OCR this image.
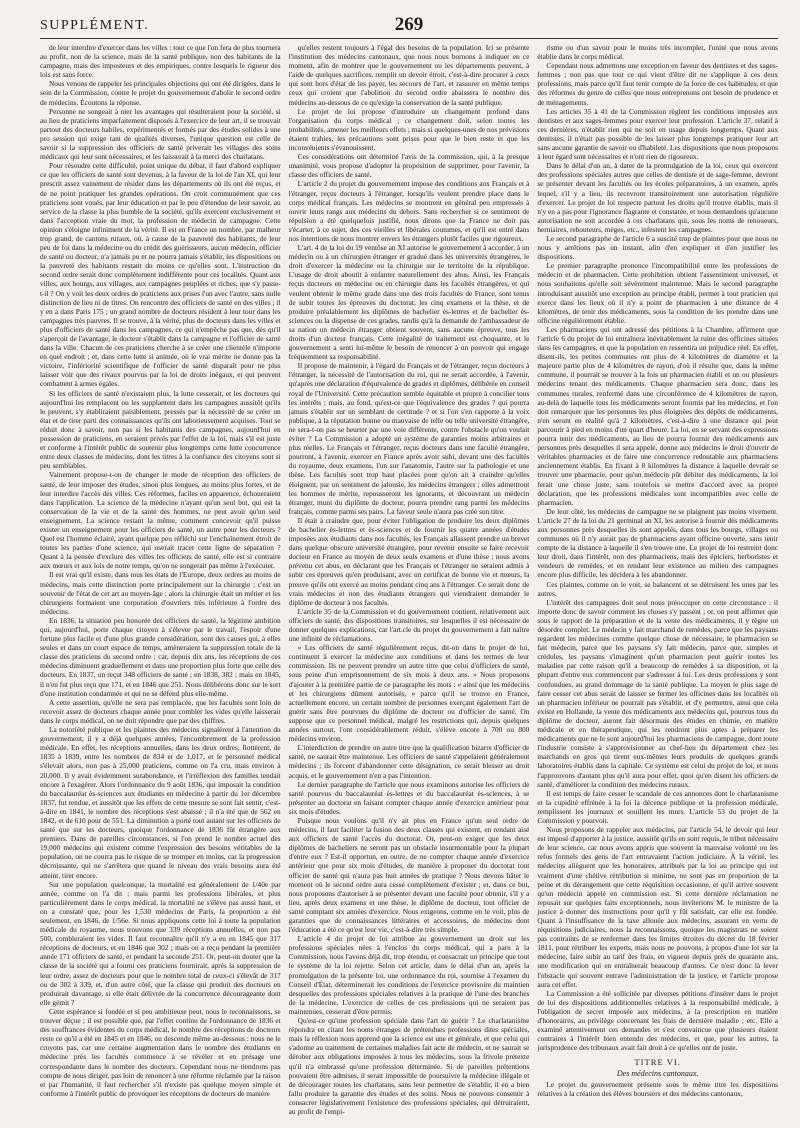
SUPPLÉMENT.	269

de leur interdire d'exercer dans les villes : tout ce que l'on fera de plus tournera au profit, non de la science, mais de la santé publique, non des habitants de la campagne, mais des imposteurs et des empiriques, contre lesquels le rigueur des lois est sans force.

Nous venons de rappeler les principales objections qui ont été dirigées, dans le sein de la Commission, contre le projet du gouvernement d'abolir le second ordre de médecins. Écoutons la réponse.

Personne ne songeait à nier les avantages qui résulteraient pour la société, si au lieu de praticiens imparfaitement disposés à l'exercice de leur art, il se trouvait partout des docteurs habiles, expérimentés et formés par des études solides à une pro session qui exige tant de qualités diverses, l'unique question est celle de savoir si la suppression des officiers de santé priverait les villages des soins médicaux qui leur sont nécessaires, et les laisserait à la merci des charlatans.

Pour résoudre cette difficulté, point unique du débat, il faut d'abord expliquer ce que les officiers de santé sont devenus, à la faveur de la loi de l'an XI, qui leur prescrit assez vainement de résider dans les départements où ils ont été reçus, et de ne point pratiquer les grandes opérations. On croit communément que ces praticiens sont voués, par leur éducation et par le peu d'étendue de leur savoir, au service de la classe la plus humble de la société, qu'ils exercent exclusivement et dans l'acception vraie du mot, la profession de médecin de campagne. Cette opinion s'éloigne infiniment de la vérité. Il est en France un nombre, par malheur trop grand, de cantons ruraux, où, à cause de la pauvreté des habitants, de leur peu de foi dans la médecine ou du crédit des guérisseurs, aucun médecin, officier de santé ou docteur, n'a jamais pu et ne pourra jamais s'établir, les dispositions ou la pauvreté des habitants restant du moins ce qu'elles sont. L'instruction du second ordre serait donc complètement indifférente pour ces localités. Quant aux villes, aux bourgs, aux villages, aux campagnes peuplées et riches, que s'y passe-t-il ? On y voit les deux ordres de praticiens aux prises l'un avec l'autre, sans nulle distinction de lieu ni de titres. On rencontre des officiers de santé en des villes ; il y en a dans Paris 175 ; un grand nombre de docteurs résident à leur tour dans les campagnes très pauvres. Il se trouve, à la vérité, plus de docteurs dans les villes et plus d'officiers de santé dans les campagnes, ce qui n'empêche pas que, dès qu'il s'aperçoit de l'avantage, le docteur s'établit dans la campagne et l'officier de santé dans la ville. Chacun de ces praticiens cherche à se créer une clientèle n'importe en quel endroit ; et, dans cette lutte si animée, où le vrai mérite ne donne pas la victoire, l'infériorité scientifique de l'officier de santé disparaît pour ne plus laisser voir que des rivaux pourvus par la loi de droits inégaux, et qui peuvent combattent à armes égales.

Si les officiers de santé n'existaient plus, la lutte cesserait, et les docteurs qui aujourd'hui les remplacent ou les supplantent dans les campagnes aussitôt qu'ils le peuvent, s'y établiraient paisiblement, pressés par la nécessité de se créer un état et de tirer parti des connaissances qu'ils ont laborieusement acquises. Tout se réduit donc à savoir, non pas si les habitants des campagnes, aujourd'hui en possession de praticiens, en seraient privés par l'effet de la loi, mais s'il est juste et conforme à l'intérêt public de soutenir plus longtemps cette lutte concurrence entre deux classes de médecins, dont les titres à la confiance des citoyens sont si peu semblables.

Vainement propose-t-on de changer le mode de réception des officiers de santé, de leur imposer des études, sinon plus longues, au moins plus fortes, et de leur interdire l'accès des villes. Ces réformes, faciles en apparence, échoueraient dans l'application. La science de la médecine n'ayant qu'un seul but, qui est la conservation de la vie et de la santé des hommes, ne peut avoir qu'un seul enseignement. La science restant la même, comment concevoir qu'il puisse exister un enseignement pour les officiers de santé, un autre pour les docteurs ? Quel est l'homme éclairé, ayant quelque peu réfléchi sur l'enchaînement étroit de toutes les parties d'une science, qui oserait tracer cette ligne de séparation ? Quant à la pensée d'exclure des villes les officiers de santé, elle est si contraire aux mœurs et aux lois de notre temps, qu'on ne songerait pas même à l'exécuter.

Il est vrai qu'il existe, dans tous les états de l'Europe, deux ordres au moins de médecins, mais cette distinction porte principalement sur la chirurgie ; c'est un souvenir de l'état de cet art au moyen-âge ; alors la chirurgie était un métier et les chirurgiens formaient une corporation d'ouvriers très inférieure à l'ordre des médecins.

En 1836, la situation peu honorée des officiers de santé, la légitime ambition qui, aujourd'hui, porte chaque citoyen à s'élever par le travail, l'espoir d'une fortune plus facile et d'une plus grande considération, sont des causes qui, à elles seules et dans un court espace de temps, amèneraient la suppression totale de la classe des praticiens du second ordre ; car, depuis dix ans, les réceptions de ces médecins diminuent graduellement et dans une proportion plus forte que celle des docteurs. En 1837, on reçut 348 officiers de santé ; en 1838, 382 ; mais en 1845, il n'en fut plus reçu que 171, et en 1846 que 251. Nous délibérons donc sur le sort d'une institution condamnée et qui ne se défend plus elle-même.

A cette assertion, qu'elle ne sera pas remplacée, que les facultés sont loin de recevoir assez de docteurs chaque année pour combler les vides qu'elle laisserait dans le corps médical, on ne doit répondre que par des chiffres.

La notoriété publique et les plaintes des médecins signalèrent à l'attention du gouvernement, il y a déjà quelques années, l'encombrement de la profession médicale. En effet, les réceptions annuelles, dans les deux ordres, flottèrent, de 1835 à 1839, entre les nombres de 834 et de 1,017, et le personnel médical s'élevait alors, non pas à 25,000 praticiens, comme on l'a cru, mais environ à 20,000. Il y avait évidemment surabondance, et l'irréflexion des familles tendait encore à l'exagérer. Alors l'ordonnance du 9 août 1836, qui imposait la condition du baccalauréat ès-sciences aux étudiants en médecine à partir du 1er décembre 1837, fut rendue, et aussitôt que les effets de cette mesure se sont fait sentir, c'est-à-dire en 1841, le nombre des réceptions s'est abaissé ; il n'a été que de 562 en 1842, et de 610 pour de 551. La diminution a porté tout autant sur les officiers de santé que sur les docteurs, quoique l'ordonnance de 1836 fût étrangère aux premiers. Dans de pareilles circonstances, si l'on prend le nombre actuel des 19,000 médecins qui existent comme l'expression des besoins véritables de la population, on ne courra pas le risque de se tromper en moins, car la progression décroissante, qui ne s'arrêtera que quand le niveau des vrais besoins aura été atteint, tirer encore.

Sur une population quelconque, la mortalité est généralement de 1/40e par année, comme on l'a dit ; mais parmi les professions libérales, et plus particulièrement dans le corps médical, la mortalité ne s'élève pas aussi haut, et on a constaté que, pour les 1,530 médecins de Paris, la proportion a été seulement, en 1846, de 1/56e. Si nous appliquons cette loi à toute la population médicale du royaume, nous trouvons que 339 réceptions annuelles, et non pas 500, combleraient les vides. Il faut reconnaître qu'il n'y a eu en 1845 que 317 réceptions de docteurs, et en 1846 que 302 ; mais on a reçu pendant la première année 171 officiers de santé, et pendant la seconde 251. Or, peut-on douter que la classe de la société qui a fourni ces praticiens fournirait, après la suppression de leur ordre, assez de docteurs pour que le nombre total de ceux-ci s'élevât de 317 ou de 302 à 339, et, d'un autre côté, que la classe qui produit des docteurs en produirait davantage, si elle était délivrée de la concurrence décourageante dont elle gémit ?

Cette espérance si fondée et si peu ambitieuse peut, nous le reconnaissons, se trouver déçue ; il est possible que, par l'effet continu de l'ordonnance de 1836 et des souffrances évidentes du corps médical, le nombre des réceptions de docteurs reste ce qu'il a été en 1845 et en 1846, ou descende même au-dessous : nous ne le croyons pas, car une certaine augmentation dans le nombre des étudiants en médecine près les facultés commence à se révéler et en présage une correspondante dans le nombre des docteurs. Cependant nous ne tiendrons pas compte de nous diriger, pas loin de renoncer à une réforme réclamée par la raison et par l'humanité, il faut rechercher s'il n'existe pas quelque moyen simple et conforme à l'intérêt public de provoquer les réceptions de docteurs de manière

qu'elles restent toujours à l'égal des besoins de la population. Ici se présente l'institution des médecins cantonaux, que nous nous bornons à indiquer en ce moment, afin de montrer que le gouvernement ou les départements peuvent, à l'aide de quelques sacrifices, remplir un devoir étroit, c'est-à-dire procurer à ceux qui sont hors d'état de les payer, les secours de l'art, et rassurer en même temps ceux qui croient que l'abolition du second ordre abaissera le nombre des médecins au-dessous de ce qu'exige la conservation de la santé publique.

Le projet de loi propose d'introduire un changement profond dans l'organisation du corps médical ; ce changement doit, selon toutes les probabilités, amener les meilleurs effets ; mais si quelques-unes de nos prévisions étaient trahies, les précautions sont prises pour que le bien reste et que les inconvénients s'évanouissent.

Ces considérations ont déterminé l'avis de la commission, qui, à la presque unanimité, vous propose d'adopter la proposition de supprimer, pour l'avenir, la classe des officiers de santé.

L'article 2 du projet du gouvernement impose des conditions aux Français et à l'étranger, reçus docteurs à l'étranger, lorsqu'ils veulent prendre place dans le corps médical français. Les médecins se montrent en général peu empressés à ouvrir leurs rangs aux médecins du dehors. Sans rechercher si ce sentiment de répulsion a été quelquefois justifié, nous dirons que la France ne doit pas s'écarter, à ce sujet, des ces vieilles et libérales coutumes, et qu'il est entré dans nos intentions de nous montrer envers les étrangers plutôt faciles que rigoureux.

L'art. 4 de la loi du 19 ventôse an XI autorise le gouvernement à accorder, à un médecin ou à un chirurgien étranger et gradué dans les universités étrangères, le droit d'exercer la médecine ou la chirurgie sur le territoire de la république. L'usage de droit aboutit à enfanter naturellement des abus. Ainsi, les Français reçus docteurs en médecine ou en chirurgie dans les facultés étrangères, et qui veulent obtenir le même grade dans une des trois facultés de France, sont tenus de subir toutes les épreuves du doctorat, les cinq examens et la thèse, et de produire préalablement les diplômes de bachelier ès-lettres et de bachelier ès-sciences ou la dispense de ces grades, tandis qu'à la demande de l'ambassadeur de sa nation un médecin étranger obtient souvent, sans aucune épreuve, tous les droits d'un docteur français. Cette inégalité de traitement est choquante, et le gouvernement a senti lui-même le besoin de renoncer à un pouvoir qui engage fréquemment sa responsabilité.

Il propose de maintenir, à l'égard du Français et de l'étranger, reçus docteurs à l'étranger, la nécessité de l'autorisation du roi, qui ne serait accordée, à l'avenir, qu'après une déclaration d'équivalence de grades et diplômes, délibérée en conseil royal de l'Université. Cette précaution semble équitable et propre à concilier tous les intérêts ; mais, au fond, qu'est-ce que l'équivalence des grades ? qui pourra jamais s'établir sur un semblant de certitude ? et si l'on s'en rapporte à la voix publique, à la réputation bonne ou mauvaise de telle ou telle université étrangère, ne sera-t-on pas se heurter par une voie différente, contre l'obstacle qu'on voulait éviter ? La Commission a adopté un système de garanties moins arbitraires et plus réelles. Le Français et l'étranger, reçus docteurs dans une faculté étrangère, pourront, à l'avenir, exercer en France après avoir subi, devant une des facultés du royaume, deux examens, l'un sur l'anatomie, l'autre sur la pathologie et une thèse. Les facultés sont trop haut placées pour qu'on ait à craindre qu'elles éloignent, par un sentiment de jalousie, les médecins étrangers ; elles admettront les hommes de mérite, repousseront les ignorants, et découvrant un médecin étranger, muni du diplôme de docteur, pourra prendre rang parmi les médecins français, comme parmi ses pairs. La faveur seule n'aura pas créé son titre.

Il était à craindre que, pour éviter l'obligation de produire les deux diplômes de bachelier ès-lettres et ès-sciences et de fournir les quatre années d'études imposées aux étudiants dans nos facultés, les Français allassent prendre un brevet dans quelque obscure université étrangère, pour revenir ensuite se faire recevoir docteur en France au moyen de deux seuls examens et d'une thèse ; nous avons prévenu cet abus, en déclarant que les Français et l'étranger ne seraient admis à subir ces épreuves qu'en produisant, avec un certificat de bonne vie et mœurs, la preuve qu'ils ont exercé au moins pendant cinq ans à l'étranger. Ce serait donc de vrais médecins et non des étudiants étrangers qui viendraient demander le diplôme de docteur à nos facultés.

L'article 35 de la Commission et du gouvernement contient, relativement aux officiers de santé, des dispositions transitoires, sur lesquelles il est nécessaire de donner quelques explications, car l'art.cle du projet du gouvernement a fait naître une infinité de réclamations.

« Les officiers de santé régulièrement reçus, dit-on dans le projet de loi, continuent à exercer la médecine aux conditions et dans les termes de leur commission. Ils ne peuvent prendre un autre titre que celui d'officiers de santé, sous peine d'un emprisonnement de six mois à deux ans. » Nous proposons d'ajouter à la première partie de ce paragraphe les mots : « ainsi que les médecins et les chirurgiens dûment autorisés, » parce qu'il se trouve en France, actuellement encore, un certain nombre de personnes exerçant également l'art de guérir sans être pourvues du diplôme de docteur ou d'officier de santé. On suppose que ce personnel médical, malgré les restrictions qui, depuis quelques années surtout, l'ont considérablement réduit, s'élève encore à 700 ou 800 médecins environ.

L'interdiction de prendre un autre titre que la qualification bizarre d'officier de santé, ne saurait être maintenue. Les officiers de santé s'appelaient généralement médecins ; ils forcent d'abandonner cette désignation, ce serait blesser au droit acquis, et le gouvernement n'en a pas l'intention.

Le dernier paragraphe de l'article que nous examinons autorise les officiers de santé pourvus du baccalauréat ès-lettres et du baccalauréat ès-sciences, à se présenter au doctorat en faisant compter chaque année d'exercice antérieur pour six mois d'études.

Puisque nous voulons qu'il n'y ait plus en France qu'un seul ordre de médecins, il faut faciliter la fusion des deux classes qui existent, en rendant aisé aux officiers de santé l'accès du doctorat. Or, peut-on exiger que les deux diplômes de bacheliers ne seront pas un obstacle insurmontable pour la plupart d'entre eux ? Est-il opportun, en outre, de ne compter chaque année d'exercice antérieur que pour six mois d'études, de manière à proposer du doctorat tout officier de santé qui n'aura pas huit années de pratique ? Nous devons hâter le moment où le second ordre aura cessé complètement d'exister ; et, dans ce but, nous proposons d'autoriser à se présenter devant une faculté pour obtenir, s'il y a lieu, après deux examens et une thèse, le diplôme de docteur, tout officier de santé comptant six années d'exercice. Nous exigeons, comme on le voit, plus de garanties que de connaissances littéraires et accessoires, de médecins dont l'éducation a été ce qu'est leur vie, c'est-à-dire très simple.

L'article 4 du projet de loi attribue au gouvernement un droit sur les professions spéciales nées à l'enclos du corps médical, qui a paru à la Commission, nous l'avons déjà dit, trop étendu, et consacrait un principe que tout le système de la loi rejette. Selon cet article, dans le délai d'un an, après la promulgation de la présente loi, une ordonnance du roi, soumise à l'examen du Conseil d'État, déterminerait les conditions de l'exercice provisoire du maintien desquelles des professions spéciales relatives à la pratique de l'une des branches de la médecine. L'exercice de celles de ces professions qui ne seraient pas maintenues, cesserait d'être permis.

Qu'est-ce qu'une profession spéciale dans l'art de guérir ? Le charlatanisme répondra en citant les noms étranges de prétendues professions dites spéciales, mais la réflexion nous apprend que la science est une et générale, et que celui qui s'adonne au traitement de certaines maladies fait acte de médecin, et ne saurait se dérober aux obligations imposées à tous les médecins, sous la frivole prétexte qu'il n'a embrassé qu'une profession déterminée. Si de pareilles prétentions pouvaient être admises, il serait impossible de poursuivre la médecine illégale et de décourager toutes les charlatans, sans leur permettre de s'établir, il en a bien fallu produire la garantie des études et des soins. Nous ne pouvons consentir à consacrer législativement l'existence des professions spéciales, qui détruiraient, au profit de l'empi-

risme ou d'un savoir pour le moins très incomplet, l'unité que nous avons établie dans le corps médical.

Cependant nous admettons une exception en faveur des dentistes et des sages-femmes ; non pas que tout ce qui vient d'être dit ne s'applique à ces deux professions, mais parce qu'il faut tenir compte de la force de ces habitudes, et que des réformes du genre de celles que nous entreprenons ont besoin de prudence et de ménagements.

Les articles 35 à 41 de la Commission règlent les conditions imposées aux dentistes et aux sages-femmes pour exercer leur profession. L'article 37, relatif à ces dernières, n'établit rien qui ne soit en usage depuis longtemps. Quant aux dentistes, il n'était pas possible de les laisser plus longtemps pratiquer leur art sans aucune garantie de savoir ou d'habileté. Les dispositions que nous proposons à leur égard sont nécessaires et n'ont rien de rigoureux.

Dans le délai d'un an, à dater de la promulgation de la loi, ceux qui exercent des professions spéciales autres que celles de dentiste et de sage-femme, devront se présenter devant les facultés ou les écoles préparatoires, à un examen, après lequel, s'il y a lieu, ils recevront transitoirement une autorisation régulière d'exercer. Le projet de loi respecte partout les droits qu'il trouve établis, mais il n'y en a pas pour l'ignorance flagrante et constatée, et nous demandons qu'aucune autorisation ne soit accordée à ces charlatans qui, sous les noms de renoueurs, herniaires, rebouteurs, mèges, etc., infestent les campagnes.

Le second paragraphe de l'article 6 a suscité trop de plaintes pour que nous ne nous y arrêtions pas un instant, afin d'en expliquer et d'en justifier les dispositions.

Le premier paragraphe prononce l'incompatibilité entre les professions de médecin et de pharmacien. Cette prohibition obtient l'assentiment universel, et nous souhaitons qu'elle soit sévèrement maintenue. Mais le second paragraphe introduisant aussitôt une exception au principe établi, permet à tout praticien qui exerce dans les lieux où il n'y a point de pharmacien à une distance de 4 kilomètres, de tenir des médicaments, sous la condition de les prendre dans une officine régulièrement établie.

Les pharmaciens qui ont adressé des pétitions à la Chambre, affirment que l'article 6 du projet de loi entraînera inévitablement la ruine des officines situées dans les campagnes, et que la population en ressentira un préjudice réel. En effet, disent-ils, les petites communes ont plus de 4 kilomètres de diamètre et la majeure partie plus de 4 kilomètres de rayon, d'où il résulte que, dans la même commune, il pourrait se trouver à la fois un pharmacien établi et un ou plusieurs médecins tenant des médicaments. Chaque pharmacien sera donc, dans les communes rurales, renfermé dans une circonférence de 4 kilomètres de rayon, au-delà de laquelle tous les médicaments seront fournis par les médecins, et l'on doit remarquer que les personnes les plus éloignées des dépôts de médicaments, n'en seront en réalité qu'à 2 kilomètres, c'est-à-dire à une distance qui peut parcourir à pied en moins d'un quart d'heure. La loi, en se servant des expressions pourra tenir des médicaments, au lieu de pourra fournir des médicaments aux personnes près desquelles il sera appelé, donne aux médecins le droit d'ouvrir de véritables pharmacies et de faire une concurrence redoutable aux pharmaciens anciennement établis. En fixant à 8 kilomètres la distance à laquelle devrait se trouver une pharmacie, pour qu'un médecin pût débiter des médicaments, la loi ferait une chose juste, sans toutefois se mettre d'accord avec sa propre déclaration, que les professions médicales sont incompatibles avec celle de pharmacien.

De leur côté, les médecins de campagne ne se plaignent pas moins vivement. L'article 27 de la loi du 21 germinal an XI, les autorise à fournir des médicaments aux personnes près desquelles ils sont appelés, dans tous les bourgs, villages ou communes où il n'y aurait pas de pharmaciens ayant officine ouverte, sans tenir compte de la distance à laquelle il s'en trouve une. Le projet de loi restreint donc leur droit, dans l'intérêt, non des pharmaciens, mais des épiciers, herboristes et vendeurs de remèdes, et en rendant leur existence au milieu des campagnes encore plus difficile, les décidera à les abandonner.

Ces plaintes, comme on le voit, se balancent et se détruisent les unes par les autres.

L'intérêt des campagnes doit seul nous préoccuper en cette circonstance : il importe donc de savoir comment les choses s'y passent ; or, on peut affirmer que sous le rapport de la préparation et de la vente des médicaments, il y règne un désordre complet. Le médecin y fait marchand de remèdes, parce que les paysans regardent les médecines comme quelque chose de nécessaire, le pharmacien se fait médecin, parce que les paysans s'y fait médecin, parce que, simples et crédules, les paysans s'imaginent qu'un pharmacien peut guérir toutes les maladies par cette raison qu'il a beaucoup de remèdes à sa disposition, et la plupart d'entre eux commencent par s'adresser à lui. Les deux professions y sont confondues, au grand dommage de la santé publique. La moyen le plus sage de faire cesser cet abus serait de laisser se fermer les officines dans les localités où un pharmacien inférieur ne pourrait pas s'établir, et d'y permettre, ainsi que cela existe en Hollande, la vente des médicaments aux médecins qui, pourvus tous du diplôme de docteur, auront fait désormais des études en chimie, en matière médicale et en thérapeutique, qui les rendront plus aptes à préparer les médicaments que ne le sont aujourd'hui les pharmaciens de campagne, dont toute l'industrie consiste à s'approvisionner au chef-lieu du département chez les marchands en gros qui tirent eux-mêmes leurs produits de quelques grands laboratoires établis dans la capitale. Ce système est celui du projet de loi, et nous l'approuvons d'autant plus qu'il aura pour effet, quoi qu'en disent les officiers de santé, d'améliorer la condition des médecins ruraux.

Il est temps de faire cesser le scandale de ces annonces dont le charlatanisme et la cupidité effrénée à la foi la décence publique et la profession médicale, remplissent les journaux et souillent les murs. L'article 53 du projet de la Commission y pourvoit.

Nous proposons de rappeler aux médecins, par l'article 54, le devoir qui leur est imposé d'apporter à la justice, aussitôt qu'ils en sont requis, le tribut nécessaire de leur science, car nous avons appris que souvent la mauvaise volonté ou les refus formels des gens de l'art entravaient l'action judiciaire. À la vérité, les médecins allèguent que les honoraires, attribués par la loi au principe qui est vraiment d'une chétive rétribution si minime, ne sont pas en proportion de la peine et du dérangement que cette réquisition occasionne, et qu'il arrive souvent qu'un médecin appelé en commission est. Si cette dernière réclamation ne reposait sur quelques faits exceptionnels, nous inviterions M. le ministre de la justice à donner des instructions pour qu'il y fût satisfait, car elle est fondée. Quant à l'insuffisance de la taxe allouée aux médecins, assurant en vertu de réquisitions judiciaires, nous la reconnaissons, quoique les magistrats ne soient pas contraints de se renfermer dans les limites étroites du décret du 18 février 1811, pour rétribuer les experts, mais nous ne pouvons, à propos d'une loi sur la médecine, faire subir au tarif des frais, en vigueur depuis près de quarante ans, une modification qui en entraînerait beaucoup d'autres. Ce n'est donc là lever l'obstacle qui souvent entrave l'administration de la justice, et l'article propose aura cet effet.

La Commission a été sollicitée par diverses pétitions d'insérer dans le projet de loi des dispositions additionnelles relatives à la responsabilité médicale, à l'obligation de secret imposée aux médecins, à la prescription en matière d'honoraires, au privilège concernant les frais de dernière maladie ; etc. Elle a examiné attentivement ces demandes et s'est convaincue que plusieurs étaient contraires à l'intérêt bien entendu des médecins, et que, pour les autres, la jurisprudence des tribunaux avait fait droit à ce qu'elles ont de juste.

TITRE VI.
Des médecins cantonaux.

Le projet du gouvernement présente sous le même titre les dispositions relatives à la création des élèves boursiers et des médecins cantonaux,
